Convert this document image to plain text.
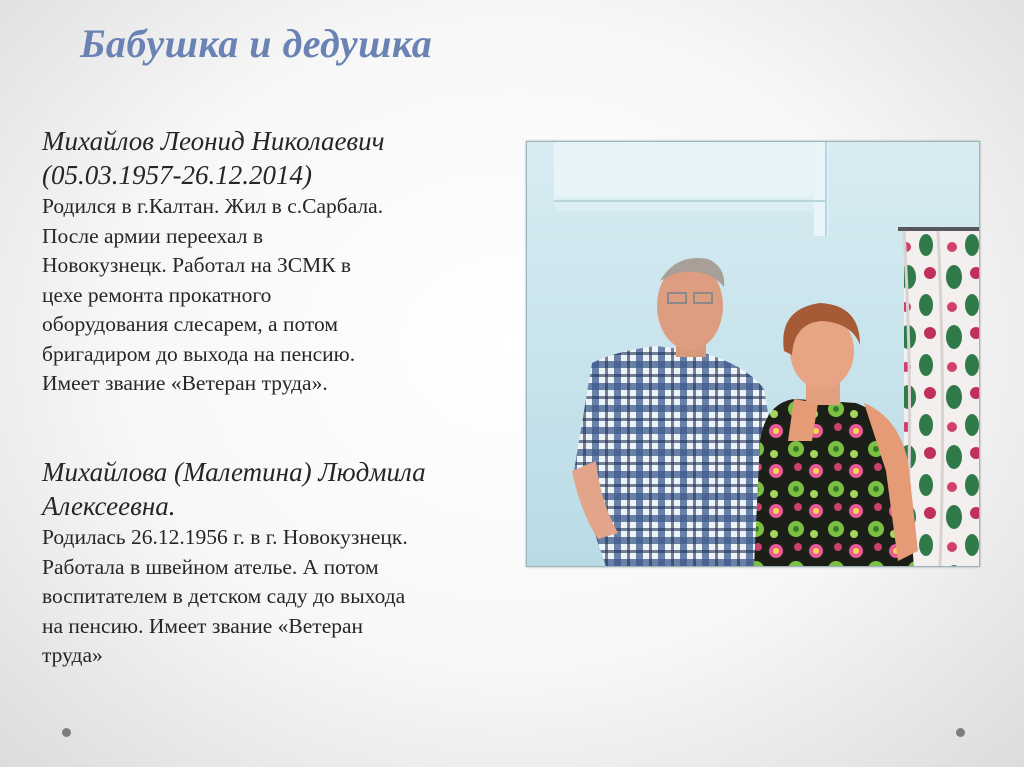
Бабушка и дедушка

Михайлов Леонид Николаевич

(05.03.1957-26.12.2014)

Родился в г.Калтан. Жил в с.Сарбала.

После армии переехал в

Новокузнецк. Работал на ЗСМК в

цехе ремонта прокатного

оборудования слесарем, а потом

бригадиром до выхода на пенсию.

Имеет звание «Ветеран труда».

Михайлова (Малетина) Людмила

Алексеевна.

Родилась 26.12.1956 г. в г. Новокузнецк.

Работала в швейном ателье. А потом

воспитателем в детском саду до выхода

на пенсию. Имеет звание «Ветеран

труда»
